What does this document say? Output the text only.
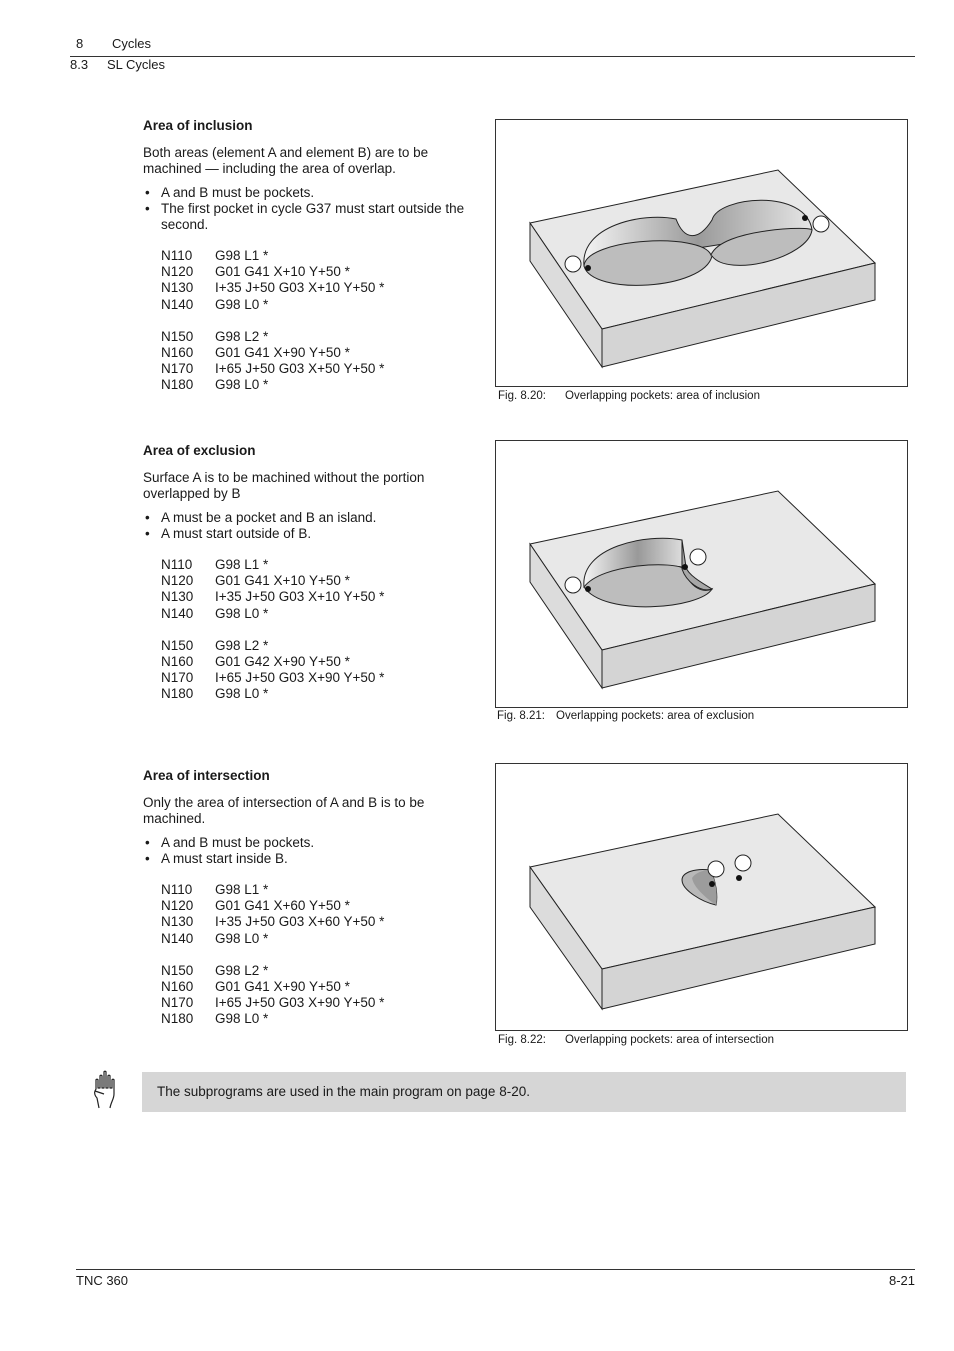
8 Cycles
8.3 SL Cycles
Area of inclusion

Both areas (element A and element B) are to be machined — including the area of overlap.

• A and B must be pockets.
• The first pocket in cycle G37 must start outside the second.
N110 G98 L1 *
N120 G01 G41 X+10 Y+50 *
N130 I+35 J+50 G03 X+10 Y+50 *
N140 G98 L0 *
N150 G98 L2 *
N160 G01 G41 X+90 Y+50 *
N170 I+65 J+50 G03 X+50 Y+50 *
N180 G98 L0 *
Fig. 8.20: Overlapping pockets: area of inclusion
Area of exclusion

Surface A is to be machined without the portion overlapped by B

• A must be a pocket and B an island.
• A must start outside of B.
N110 G98 L1 *
N120 G01 G41 X+10 Y+50 *
N130 I+35 J+50 G03 X+10 Y+50 *
N140 G98 L0 *
N150 G98 L2 *
N160 G01 G42 X+90 Y+50 *
N170 I+65 J+50 G03 X+90 Y+50 *
N180 G98 L0 *
Fig. 8.21: Overlapping pockets: area of exclusion
Area of intersection

Only the area of intersection of A and B is to be machined.

• A and B must be pockets.
• A must start inside B.
N110 G98 L1 *
N120 G01 G41 X+60 Y+50 *
N130 I+35 J+50 G03 X+60 Y+50 *
N140 G98 L0 *
N150 G98 L2 *
N160 G01 G41 X+90 Y+50 *
N170 I+65 J+50 G03 X+90 Y+50 *
N180 G98 L0 *
Fig. 8.22: Overlapping pockets: area of intersection
The subprograms are used in the main program on page 8-20.
TNC 360	8-21
